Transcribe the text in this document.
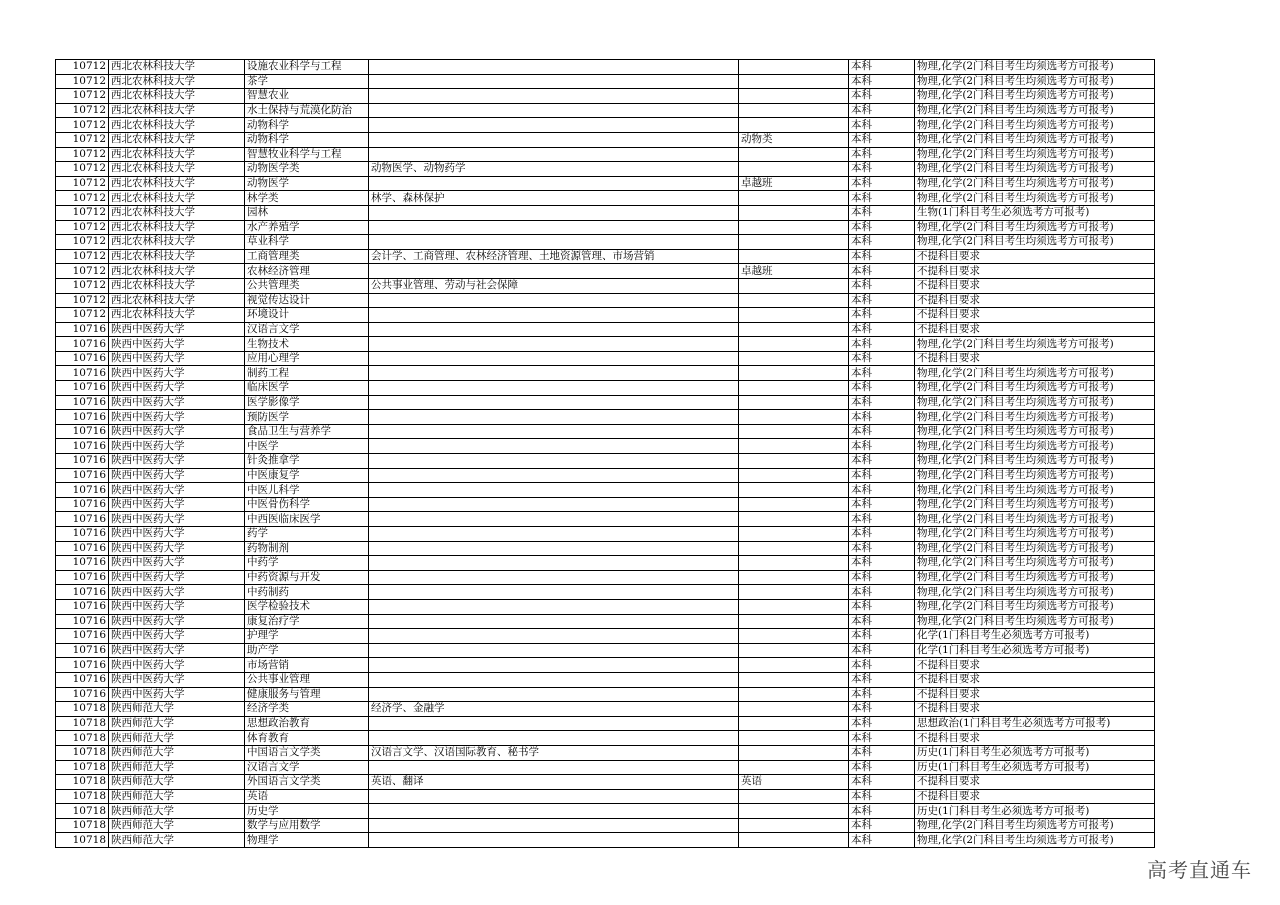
10712	西北农林科技大学	设施农业科学与工程			本科	物理,化学(2门科目考生均须选考方可报考)
10712	西北农林科技大学	茶学			本科	物理,化学(2门科目考生均须选考方可报考)
10712	西北农林科技大学	智慧农业			本科	物理,化学(2门科目考生均须选考方可报考)
10712	西北农林科技大学	水土保持与荒漠化防治			本科	物理,化学(2门科目考生均须选考方可报考)
10712	西北农林科技大学	动物科学			本科	物理,化学(2门科目考生均须选考方可报考)
10712	西北农林科技大学	动物科学		动物类	本科	物理,化学(2门科目考生均须选考方可报考)
10712	西北农林科技大学	智慧牧业科学与工程			本科	物理,化学(2门科目考生均须选考方可报考)
10712	西北农林科技大学	动物医学类	动物医学、动物药学		本科	物理,化学(2门科目考生均须选考方可报考)
10712	西北农林科技大学	动物医学		卓越班	本科	物理,化学(2门科目考生均须选考方可报考)
10712	西北农林科技大学	林学类	林学、森林保护		本科	物理,化学(2门科目考生均须选考方可报考)
10712	西北农林科技大学	园林			本科	生物(1门科目考生必须选考方可报考)
10712	西北农林科技大学	水产养殖学			本科	物理,化学(2门科目考生均须选考方可报考)
10712	西北农林科技大学	草业科学			本科	物理,化学(2门科目考生均须选考方可报考)
10712	西北农林科技大学	工商管理类	会计学、工商管理、农林经济管理、土地资源管理、市场营销		本科	不提科目要求
10712	西北农林科技大学	农林经济管理		卓越班	本科	不提科目要求
10712	西北农林科技大学	公共管理类	公共事业管理、劳动与社会保障		本科	不提科目要求
10712	西北农林科技大学	视觉传达设计			本科	不提科目要求
10712	西北农林科技大学	环境设计			本科	不提科目要求
10716	陕西中医药大学	汉语言文学			本科	不提科目要求
10716	陕西中医药大学	生物技术			本科	物理,化学(2门科目考生均须选考方可报考)
10716	陕西中医药大学	应用心理学			本科	不提科目要求
10716	陕西中医药大学	制药工程			本科	物理,化学(2门科目考生均须选考方可报考)
10716	陕西中医药大学	临床医学			本科	物理,化学(2门科目考生均须选考方可报考)
10716	陕西中医药大学	医学影像学			本科	物理,化学(2门科目考生均须选考方可报考)
10716	陕西中医药大学	预防医学			本科	物理,化学(2门科目考生均须选考方可报考)
10716	陕西中医药大学	食品卫生与营养学			本科	物理,化学(2门科目考生均须选考方可报考)
10716	陕西中医药大学	中医学			本科	物理,化学(2门科目考生均须选考方可报考)
10716	陕西中医药大学	针灸推拿学			本科	物理,化学(2门科目考生均须选考方可报考)
10716	陕西中医药大学	中医康复学			本科	物理,化学(2门科目考生均须选考方可报考)
10716	陕西中医药大学	中医儿科学			本科	物理,化学(2门科目考生均须选考方可报考)
10716	陕西中医药大学	中医骨伤科学			本科	物理,化学(2门科目考生均须选考方可报考)
10716	陕西中医药大学	中西医临床医学			本科	物理,化学(2门科目考生均须选考方可报考)
10716	陕西中医药大学	药学			本科	物理,化学(2门科目考生均须选考方可报考)
10716	陕西中医药大学	药物制剂			本科	物理,化学(2门科目考生均须选考方可报考)
10716	陕西中医药大学	中药学			本科	物理,化学(2门科目考生均须选考方可报考)
10716	陕西中医药大学	中药资源与开发			本科	物理,化学(2门科目考生均须选考方可报考)
10716	陕西中医药大学	中药制药			本科	物理,化学(2门科目考生均须选考方可报考)
10716	陕西中医药大学	医学检验技术			本科	物理,化学(2门科目考生均须选考方可报考)
10716	陕西中医药大学	康复治疗学			本科	物理,化学(2门科目考生均须选考方可报考)
10716	陕西中医药大学	护理学			本科	化学(1门科目考生必须选考方可报考)
10716	陕西中医药大学	助产学			本科	化学(1门科目考生必须选考方可报考)
10716	陕西中医药大学	市场营销			本科	不提科目要求
10716	陕西中医药大学	公共事业管理			本科	不提科目要求
10716	陕西中医药大学	健康服务与管理			本科	不提科目要求
10718	陕西师范大学	经济学类	经济学、金融学		本科	不提科目要求
10718	陕西师范大学	思想政治教育			本科	思想政治(1门科目考生必须选考方可报考)
10718	陕西师范大学	体育教育			本科	不提科目要求
10718	陕西师范大学	中国语言文学类	汉语言文学、汉语国际教育、秘书学		本科	历史(1门科目考生必须选考方可报考)
10718	陕西师范大学	汉语言文学			本科	历史(1门科目考生必须选考方可报考)
10718	陕西师范大学	外国语言文学类	英语、翻译	英语	本科	不提科目要求
10718	陕西师范大学	英语			本科	不提科目要求
10718	陕西师范大学	历史学			本科	历史(1门科目考生必须选考方可报考)
10718	陕西师范大学	数学与应用数学			本科	物理,化学(2门科目考生均须选考方可报考)
10718	陕西师范大学	物理学			本科	物理,化学(2门科目考生均须选考方可报考)
高考直通车
